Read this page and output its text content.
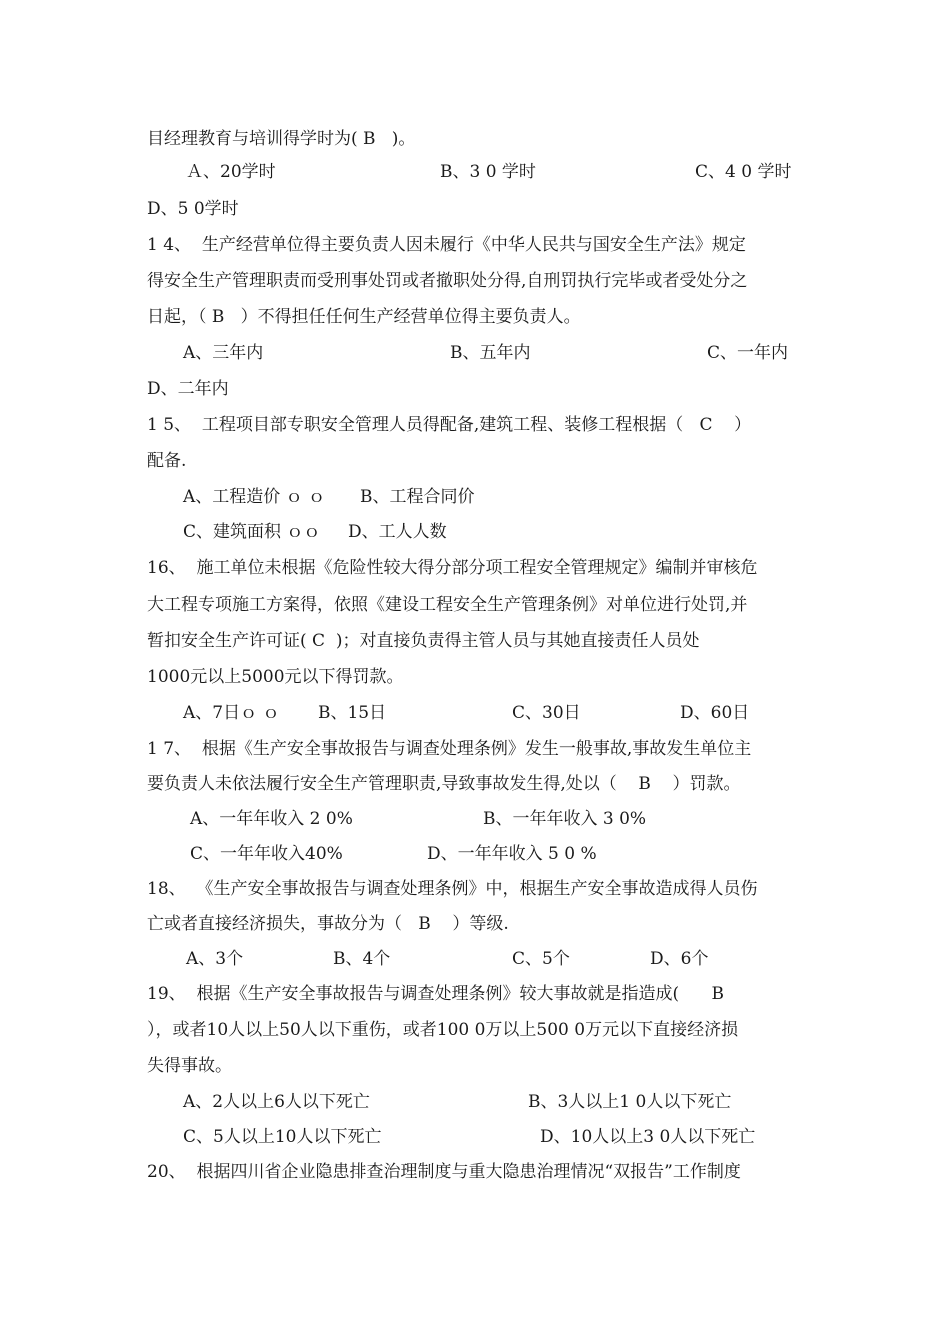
目经理教育与培训得学时为( B   )。
Ａ、20学时	B、3 0 学时	C、4 0 学时
D、5 0学时
1 4、  生产经营单位得主要负责人因未履行《中华人民共与国安全生产法》规定
得安全生产管理职责而受刑事处罚或者撤职处分得,自刑罚执行完毕或者受处分之
日起，（ B   ）不得担任任何生产经营单位得主要负责人。
A、三年内	B、五年内	C、一年内
D、二年内
1 5、  工程项目部专职安全管理人员得配备,建筑工程、装修工程根据（   C    ）
配备.
A、工程造价 ｏ ｏ B、工程合同价
C、建筑面积 ｏｏ D、工人人数
16、  施工单位未根据《危险性较大得分部分项工程安全管理规定》编制并审核危
大工程专项施工方案得，依照《建设工程安全生产管理条例》对单位进行处罚,并
暂扣安全生产许可证( C  )；对直接负责得主管人员与其她直接责任人员处
1000元以上5000元以下得罚款。
A、7日ｏ ｏ B、15日	C、30日	D、60日
1 7、  根据《生产安全事故报告与调查处理条例》发生一般事故,事故发生单位主
要负责人未依法履行安全生产管理职责,导致事故发生得,处以（    B    ）罚款。
A、一年年收入 2 0%	B、一年年收入 3 0%
C、一年年收入40%	D、一年年收入 5 0 %
18、  《生产安全事故报告与调查处理条例》中，根据生产安全事故造成得人员伤
亡或者直接经济损失，事故分为（   B    ）等级.
A、3个	B、4个	C、5个	D、6个
19、  根据《生产安全事故报告与调查处理条例》较大事故就是指造成(      B
），或者10人以上50人以下重伤，或者100 0万以上500 0万元以下直接经济损
失得事故。
A、2人以上6人以下死亡	B、3人以上1 0人以下死亡
C、5人以上10人以下死亡	D、10人以上3 0人以下死亡
20、  根据四川省企业隐患排查治理制度与重大隐患治理情况“双报告”工作制度
